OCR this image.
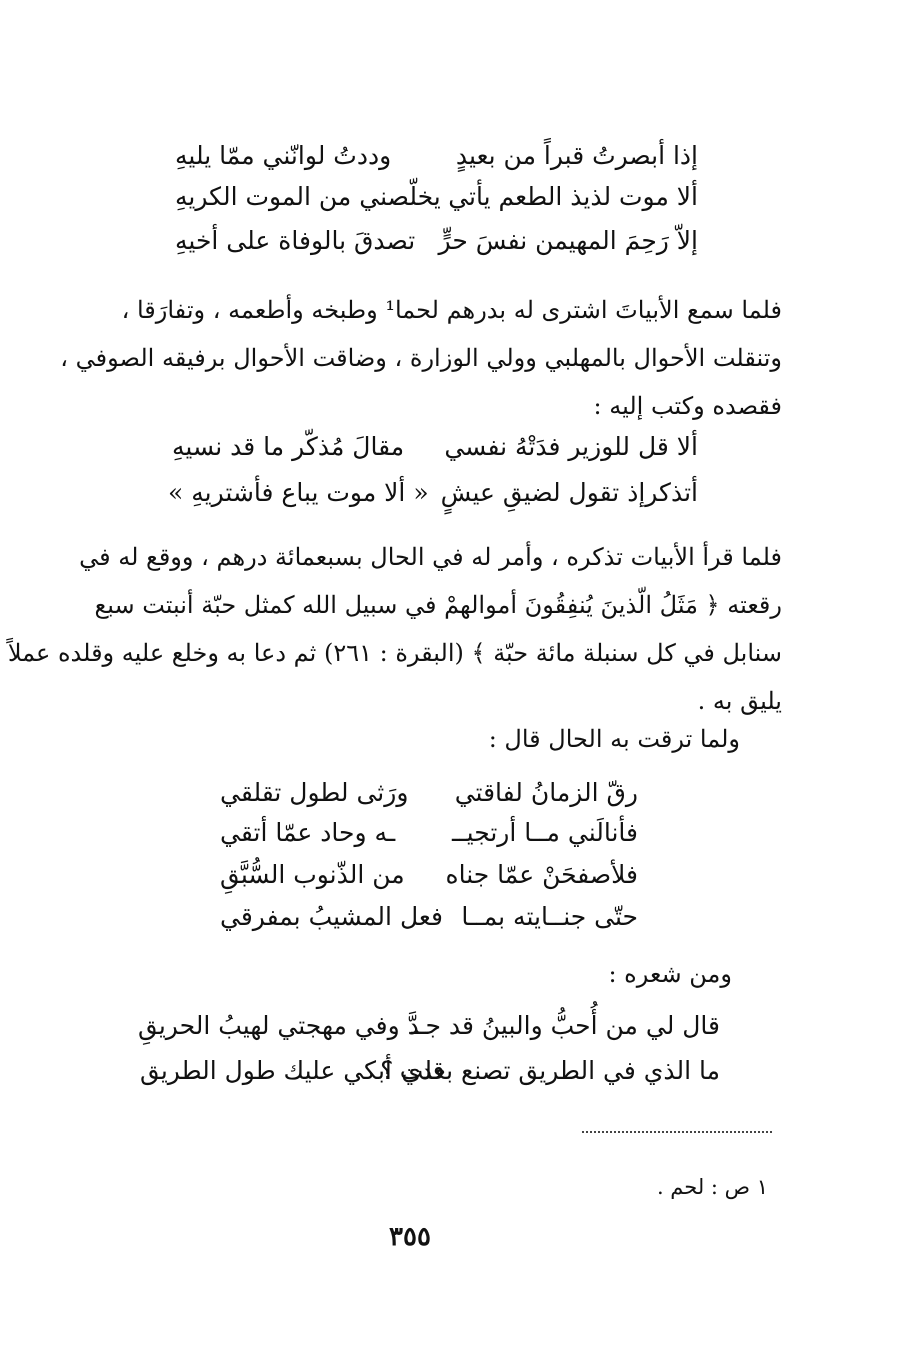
إذا أبصرتُ قبراً من بعيدٍ
وددتُ لوانّني ممّا يليهِ
ألا موت لذيذ الطعم يأتي
يخلّصني من الموت الكريهِ
إلاّ رَحِمَ المهيمن نفسَ حرٍّ
تصدقَ بالوفاة على أخيهِ
فلما سمع الأبياتَ اشترى له بدرهم لحما¹ وطبخه وأطعمه ، وتفارَقا ،
وتنقلت الأحوال بالمهلبي وولي الوزارة ، وضاقت الأحوال برفيقه الصوفي ،
فقصده وكتب إليه :
ألا قل للوزير فدَتْهُ نفسي
مقالَ مُذكّر ما قد نسيهِ
أتذكرإذ تقول لضيقِ عيشٍ
« ألا موت يباع فأشتريهِ »
فلما قرأ الأبيات تذكره ، وأمر له في الحال بسبعمائة درهم ، ووقع له في
رقعته ﴿ مَثَلُ الّذينَ يُنفِقُونَ أموالهمْ في سبيل الله كمثل حبّة أنبتت سبع
سنابل في كل سنبلة مائة حبّة ﴾ (البقرة : ٢٦١) ثم دعا به وخلع عليه وقلده عملاً
يليق به .
ولما ترقت به الحال قال :
رقّ الزمانُ لفاقتي
ورَثى لطول تقلقي
فأنالَني مــا أرتجيــ
ـه وحاد عمّا أتقي
فلأصفحَنْ عمّا جناه
من الذّنوب السُّبَّقِ
حتّى جنــايته بمــا
فعل المشيبُ بمفرقي
ومن شعره :
قال لي من أُحبُّ والبينُ قد جــ
ـدَّ وفي مهجتي لهيبُ الحريقِ
ما الذي في الطريق تصنع بعدي ؟
قلت أبكي عليك طول الطريق
١ ص : لحم .
٣٥٥
